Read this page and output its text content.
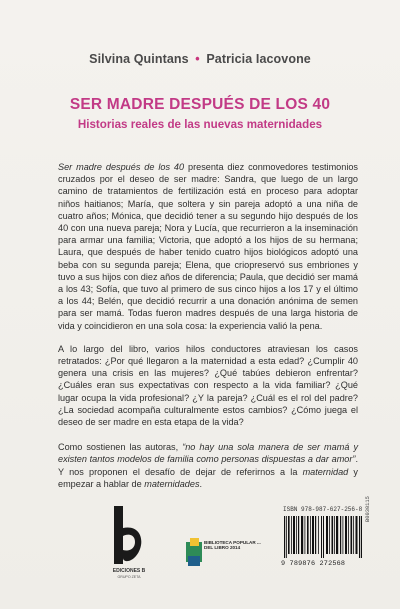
Silvina Quintans • Patricia Iacovone
SER MADRE DESPUÉS DE LOS 40
Historias reales de las nuevas maternidades

Ser madre después de los 40 presenta diez conmovedores testimonios cruzados por el deseo de ser madre: Sandra, que luego de un largo camino de tratamientos de fertilización está en proceso para adoptar niños haitianos; María, que soltera y sin pareja adoptó a una niña de cuatro años; Mónica, que decidió tener a su segundo hijo después de los 40 con una nueva pareja; Nora y Lucía, que recurrieron a la inseminación para armar una familia; Victoria, que adoptó a los hijos de su hermana; Laura, que después de haber tenido cuatro hijos biológicos adoptó una beba con su segunda pareja; Elena, que criopreservó sus embriones y tuvo a sus hijos con diez años de diferencia; Paula, que decidió ser mamá a los 43; Sofía, que tuvo al primero de sus cinco hijos a los 17 y el último a los 44; Belén, que decidió recurrir a una donación anónima de semen para ser mamá. Todas fueron madres después de una larga historia de vida y coincidieron en una sola cosa: la experiencia valió la pena.

A lo largo del libro, varios hilos conductores atraviesan los casos retratados: ¿Por qué llegaron a la maternidad a esta edad? ¿Cumplir 40 genera una crisis en las mujeres? ¿Qué tabúes debieron enfrentar? ¿Cuáles eran sus expectativas con respecto a la vida familiar? ¿Qué lugar ocupa la vida profesional? ¿Y la pareja? ¿Cuál es el rol del padre? ¿La sociedad acompaña culturalmente estos cambios? ¿Cómo juega el deseo de ser madre en esta etapa de la vida?

Como sostienen las autoras, “no hay una sola manera de ser mamá y existen tantos modelos de familia como personas dispuestas a dar amor”. Y nos proponen el desafío de dejar de referirnos a la maternidad y empezar a hablar de maternidades.

EDICIONES B
GRUPO ZETA
BIBLIOTECA POPULAR ... DEL LIBRO 2014
ISBN 978-987-627-256-8
9 789876 272568
B0030115
